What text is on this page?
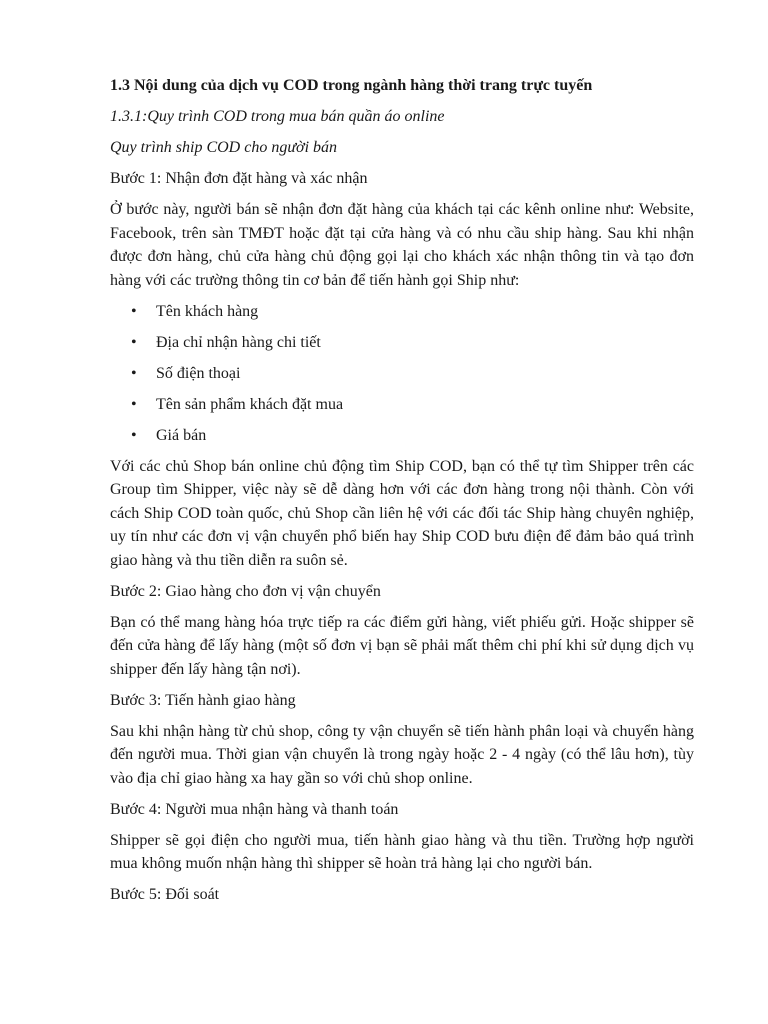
1.3 Nội dung của dịch vụ COD trong ngành hàng thời trang trực tuyến

1.3.1:Quy trình COD trong mua bán quần áo online

Quy trình ship COD cho người bán

Bước 1: Nhận đơn đặt hàng và xác nhận

Ở bước này, người bán sẽ nhận đơn đặt hàng của khách tại các kênh online như: Website, Facebook, trên sàn TMĐT hoặc đặt tại cửa hàng và có nhu cầu ship hàng. Sau khi nhận được đơn hàng, chủ cửa hàng chủ động gọi lại cho khách xác nhận thông tin và tạo đơn hàng với các trường thông tin cơ bản để tiến hành gọi Ship như:

• Tên khách hàng
• Địa chỉ nhận hàng chi tiết
• Số điện thoại
• Tên sản phẩm khách đặt mua
• Giá bán

Với các chủ Shop bán online chủ động tìm Ship COD, bạn có thể tự tìm Shipper trên các Group tìm Shipper, việc này sẽ dễ dàng hơn với các đơn hàng trong nội thành. Còn với cách Ship COD toàn quốc, chủ Shop cần liên hệ với các đối tác Ship hàng chuyên nghiệp, uy tín như các đơn vị vận chuyển phổ biến hay Ship COD bưu điện để đảm bảo quá trình giao hàng và thu tiền diễn ra suôn sẻ.

Bước 2: Giao hàng cho đơn vị vận chuyển

Bạn có thể mang hàng hóa trực tiếp ra các điểm gửi hàng, viết phiếu gửi. Hoặc shipper sẽ đến cửa hàng để lấy hàng (một số đơn vị bạn sẽ phải mất thêm chi phí khi sử dụng dịch vụ shipper đến lấy hàng tận nơi).

Bước 3: Tiến hành giao hàng

Sau khi nhận hàng từ chủ shop, công ty vận chuyển sẽ tiến hành phân loại và chuyển hàng đến người mua. Thời gian vận chuyển là trong ngày hoặc 2 - 4 ngày (có thể lâu hơn), tùy vào địa chỉ giao hàng xa hay gần so với chủ shop online.

Bước 4: Người mua nhận hàng và thanh toán

Shipper sẽ gọi điện cho người mua, tiến hành giao hàng và thu tiền. Trường hợp người mua không muốn nhận hàng thì shipper sẽ hoàn trả hàng lại cho người bán.

Bước 5: Đối soát
